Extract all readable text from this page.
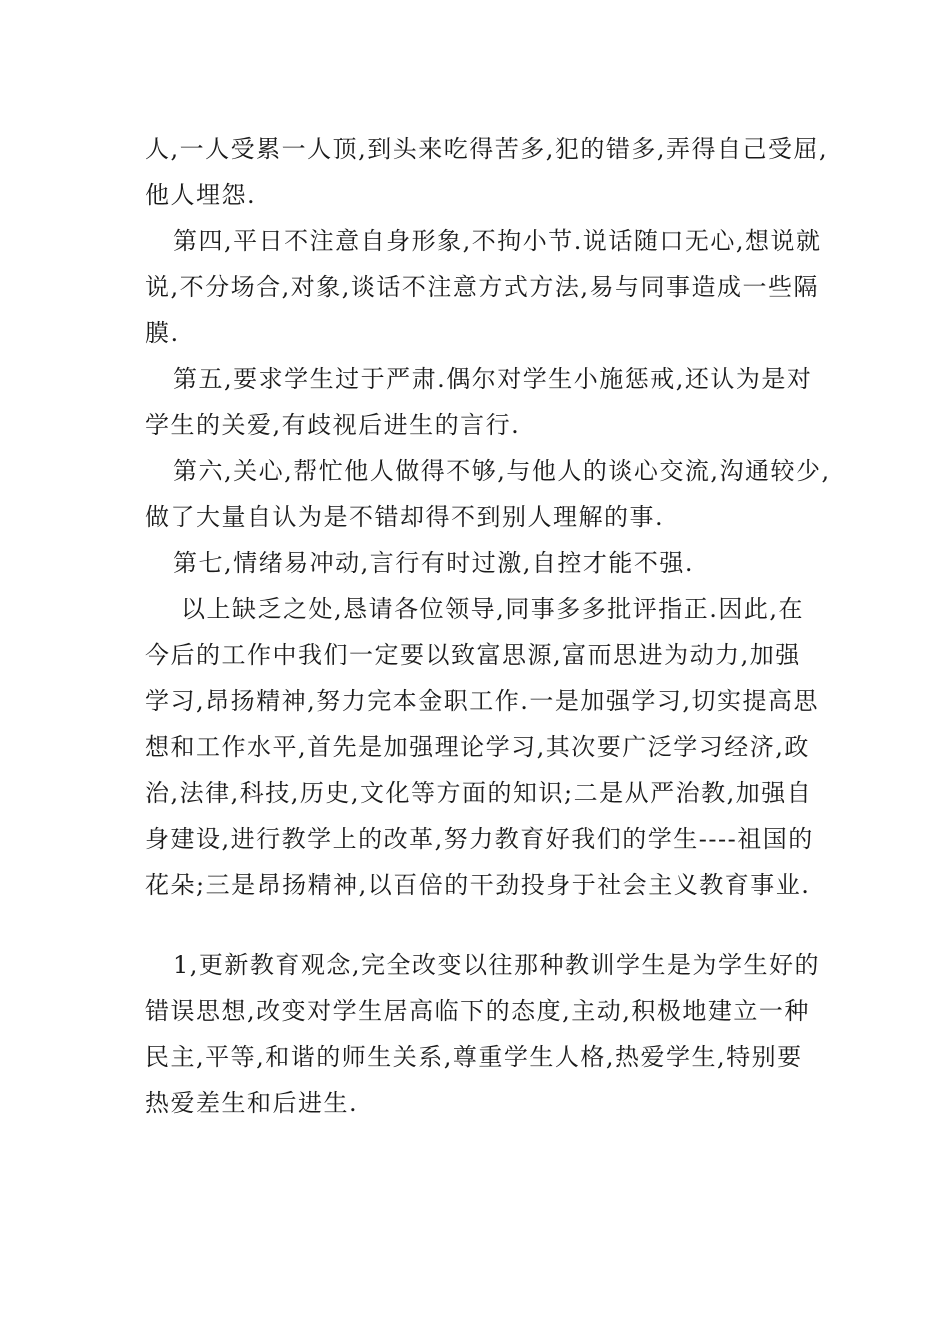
人,一人受累一人顶,到头来吃得苦多,犯的错多,弄得自己受屈,
他人埋怨.
第四,平日不注意自身形象,不拘小节.说话随口无心,想说就
说,不分场合,对象,谈话不注意方式方法,易与同事造成一些隔
膜.
第五,要求学生过于严肃.偶尔对学生小施惩戒,还认为是对
学生的关爱,有歧视后进生的言行.
第六,关心,帮忙他人做得不够,与他人的谈心交流,沟通较少,
做了大量自认为是不错却得不到别人理解的事.
第七,情绪易冲动,言行有时过激,自控才能不强.
以上缺乏之处,恳请各位领导,同事多多批评指正.因此,在
今后的工作中我们一定要以致富思源,富而思进为动力,加强
学习,昂扬精神,努力完本金职工作.一是加强学习,切实提高思
想和工作水平,首先是加强理论学习,其次要广泛学习经济,政
治,法律,科技,历史,文化等方面的知识;二是从严治教,加强自
身建设,进行教学上的改革,努力教育好我们的学生----祖国的
花朵;三是昂扬精神,以百倍的干劲投身于社会主义教育事业.
1,更新教育观念,完全改变以往那种教训学生是为学生好的
错误思想,改变对学生居高临下的态度,主动,积极地建立一种
民主,平等,和谐的师生关系,尊重学生人格,热爱学生,特别要
热爱差生和后进生.
